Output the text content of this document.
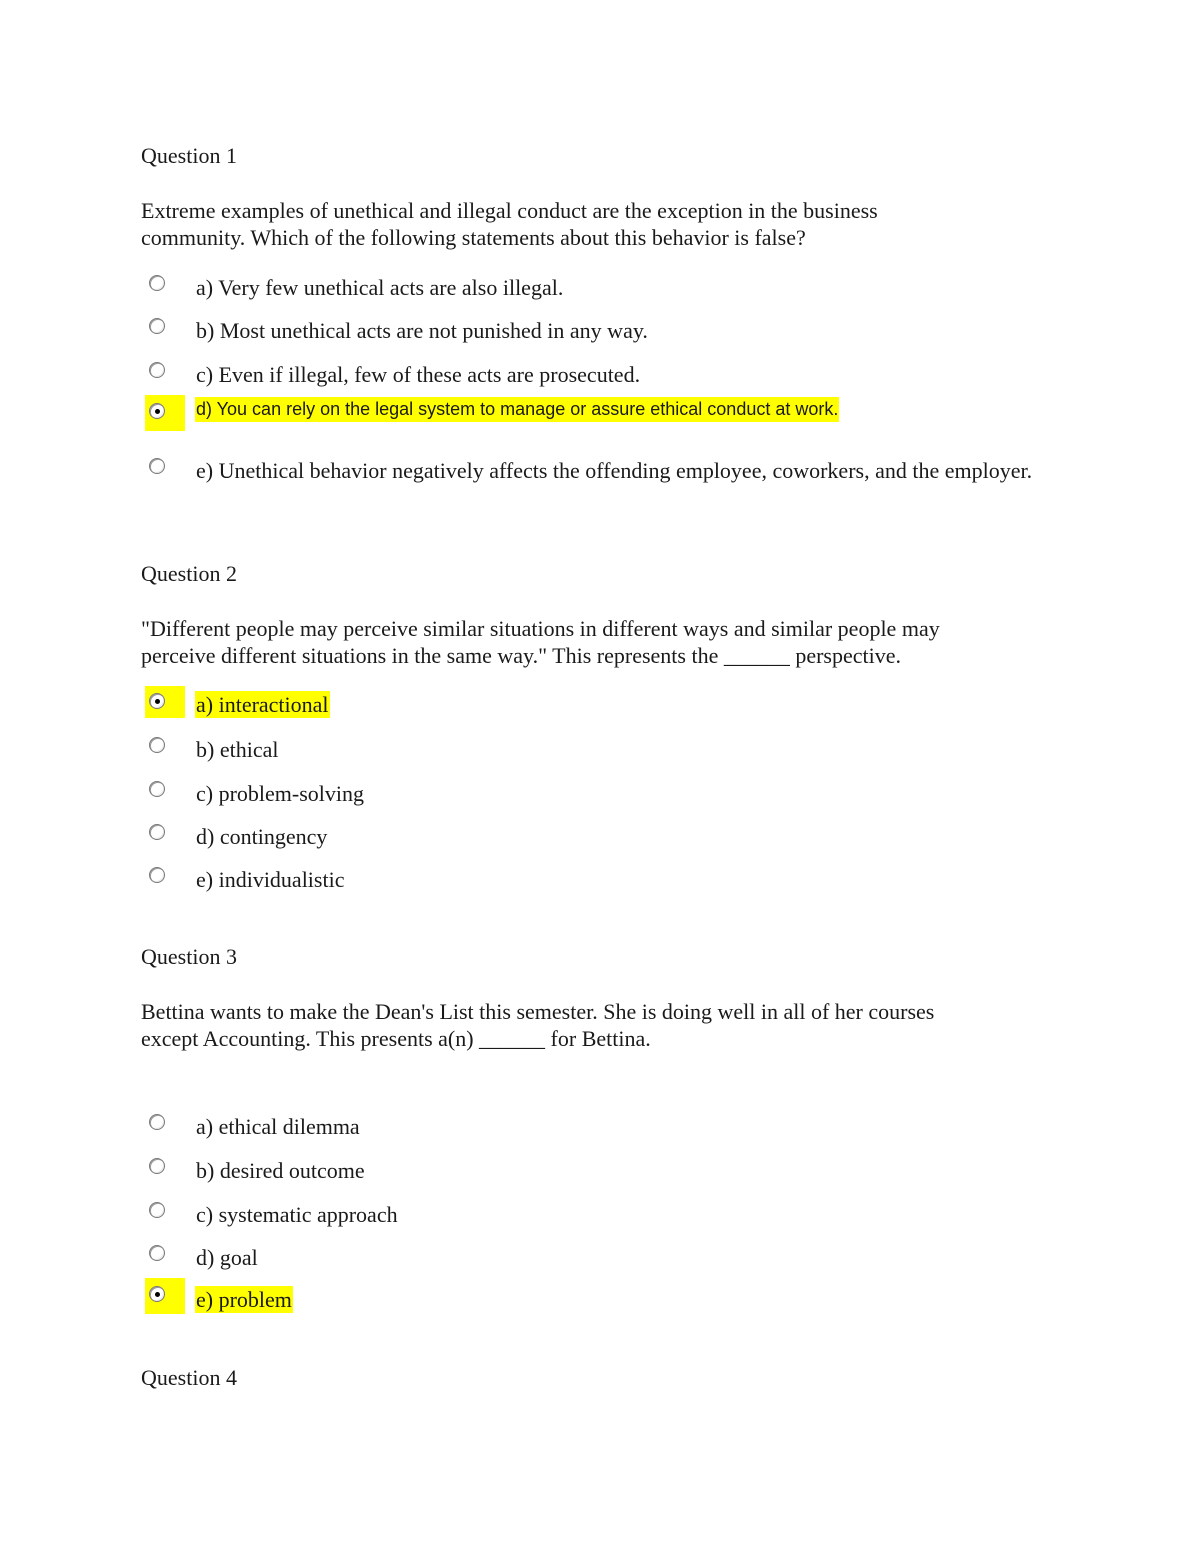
Question 1
Extreme examples of unethical and illegal conduct are the exception in the business
community. Which of the following statements about this behavior is false?
a) Very few unethical acts are also illegal.
b) Most unethical acts are not punished in any way.
c) Even if illegal, few of these acts are prosecuted.
d) You can rely on the legal system to manage or assure ethical conduct at work.
e) Unethical behavior negatively affects the offending employee, coworkers, and the employer.
Question 2
"Different people may perceive similar situations in different ways and similar people may
perceive different situations in the same way." This represents the ______ perspective.
a) interactional
b) ethical
c) problem-solving
d) contingency
e) individualistic
Question 3
Bettina wants to make the Dean's List this semester. She is doing well in all of her courses
except Accounting. This presents a(n) ______ for Bettina.
a) ethical dilemma
b) desired outcome
c) systematic approach
d) goal
e) problem
Question 4
